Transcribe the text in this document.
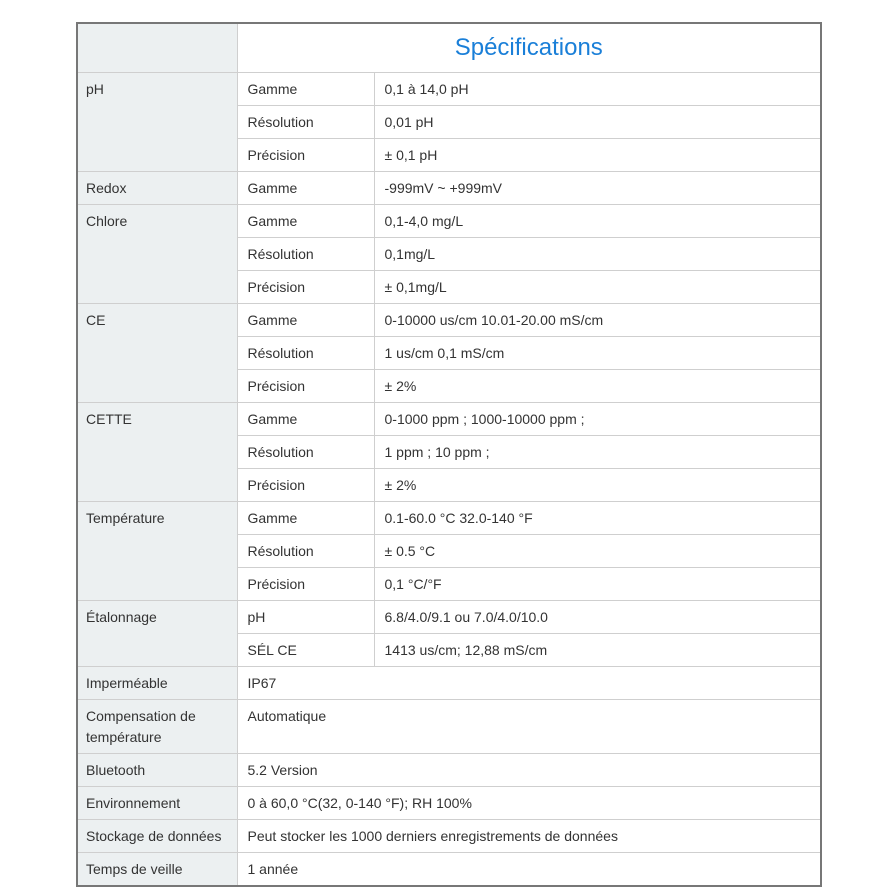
	Spécifications	
pH	Gamme	0,1 à 14,0 pH
	Résolution	0,01 pH
	Précision	± 0,1 pH
Redox	Gamme	-999mV ~ +999mV
Chlore	Gamme	0,1-4,0 mg/L
	Résolution	0,1mg/L
	Précision	± 0,1mg/L
CE	Gamme	0-10000 us/cm 10.01-20.00 mS/cm
	Résolution	1 us/cm 0,1 mS/cm
	Précision	± 2%
CETTE	Gamme	0-1000 ppm ; 1000-10000 ppm ;
	Résolution	1 ppm ; 10 ppm ;
	Précision	± 2%
Température	Gamme	0.1-60.0 °C 32.0-140 °F
	Résolution	± 0.5 °C
	Précision	0,1 °C/°F
Étalonnage	pH	6.8/4.0/9.1 ou 7.0/4.0/10.0
	SÉL CE	1413 us/cm; 12,88 mS/cm
Imperméable	IP67	

Compensation de
température	Automatique	
Bluetooth	5.2 Version	
Environnement	0 à 60,0 °C(32, 0-140 °F); RH 100%	
Stockage de données	Peut stocker les 1000 derniers enregistrements de données	
Temps de veille	1 année	
